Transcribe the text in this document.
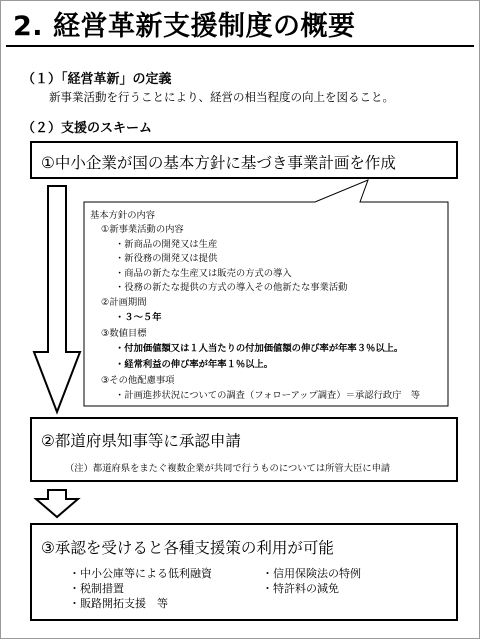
2. 経営革新支援制度の概要
（１）「経営革新」の定義
新事業活動を行うことにより、経営の相当程度の向上を図ること。
（２）支援のスキーム
①中小企業が国の基本方針に基づき事業計画を作成
基本方針の内容
①新事業活動の内容
・新商品の開発又は生産
・新役務の開発又は提供
・商品の新たな生産又は販売の方式の導入
・役務の新たな提供の方式の導入その他新たな事業活動
②計画期間
・３～５年
③数値目標
・付加価値額又は１人当たりの付加価値額の伸び率が年率３％以上。
・経常利益の伸び率が年率１％以上。
③その他配慮事項
・計画進捗状況についての調査（フォローアップ調査）＝承認行政庁　等
②都道府県知事等に承認申請
（注）都道府県をまたぐ複数企業が共同で行うものについては所管大臣に申請
③承認を受けると各種支援策の利用が可能
・中小公庫等による低利融資
・税制措置
・販路開拓支援　等
・信用保険法の特例
・特許料の減免
